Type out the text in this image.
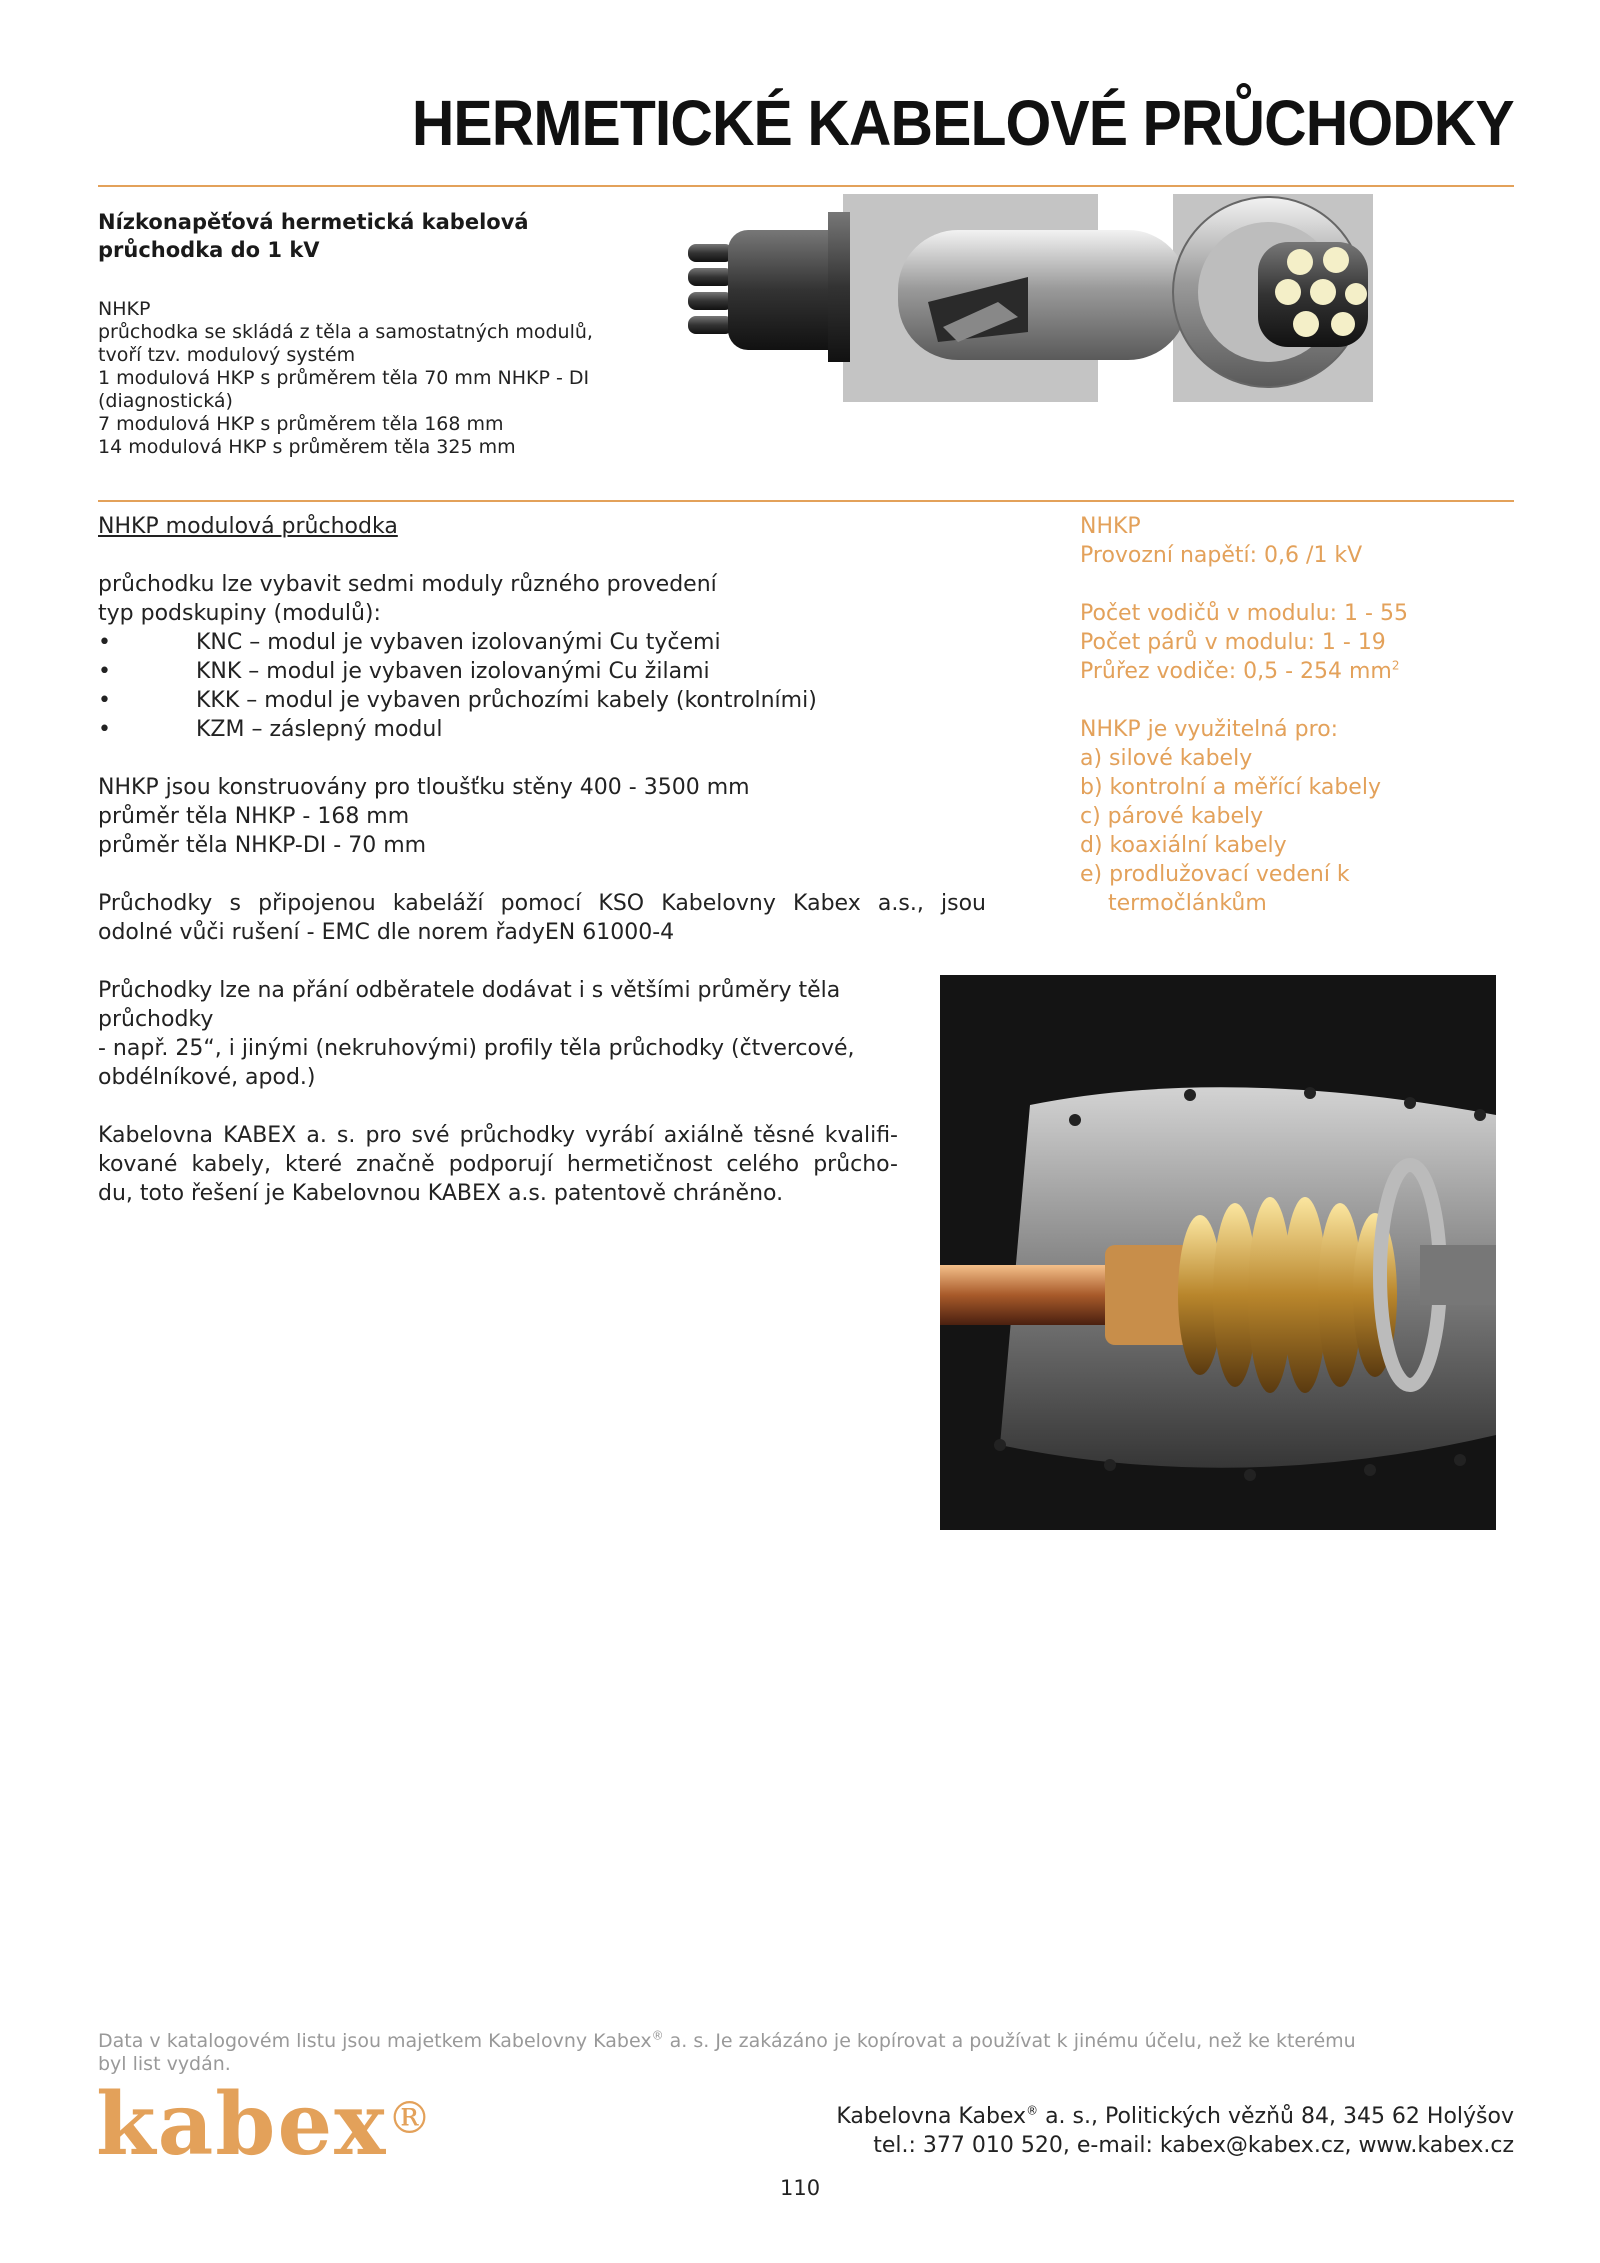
HERMETICKÉ KABELOVÉ PRŮCHODKY
Nízkonapěťová hermetická kabelová
průchodka do 1 kV
NHKP
průchodka se skládá z těla a samostatných modulů,
tvoří tzv. modulový systém
1 modulová HKP s průměrem těla 70 mm NHKP - DI
(diagnostická)
7 modulová HKP s průměrem těla 168 mm
14 modulová HKP s průměrem těla 325 mm

NHKP modulová průchodka

průchodku lze vybavit sedmi moduly různého provedení

typ podskupiny (modulů):

•	KNC – modul je vybaven izolovanými Cu tyčemi
•	KNK – modul je vybaven izolovanými Cu žilami
•	KKK – modul je vybaven průchozími kabely (kontrolními)
•	KZM – záslepný modul

NHKP jsou konstruovány pro tloušťku stěny 400 - 3500 mm

průměr těla NHKP - 168 mm

průměr těla NHKP-DI - 70 mm

Průchodky s připojenou kabeláží pomocí KSO Kabelovny Kabex a.s., jsou

odolné vůči rušení - EMC dle norem řadyEN 61000-4

Průchodky lze na přání odběratele dodávat i s většími průměry těla

průchodky

- např. 25“, i jinými (nekruhovými) profily těla průchodky (čtvercové,

obdélníkové, apod.)

Kabelovna KABEX a. s. pro své průchodky vyrábí axiálně těsné kvalifi-

kované kabely, které značně podporují hermetičnost celého průcho-

du, toto řešení je Kabelovnou KABEX a.s. patentově chráněno.

NHKP

Provozní napětí: 0,6 /1 kV

Počet vodičů v modulu: 1 - 55

Počet párů v modulu: 1 - 19

Průřez vodiče: 0,5 - 254 $mm^2$

NHKP je využitelná pro:

a) silové kabely

b) kontrolní a měřící kabely

c) párové kabely

d) koaxiální kabely

e) prodlužovací vedení k

termočlánkům

Data v katalogovém listu jsou majetkem Kabelovny Kabex® a. s. Je zakázáno je kopírovat a používat k jinému účelu, než ke kterému
byl list vydán.
kabex®	Kabelovna Kabex® a. s., Politických vězňů 84, 345 62 Holýšov
tel.: 377 010 520, e-mail: kabex@kabex.cz, www.kabex.cz
110
